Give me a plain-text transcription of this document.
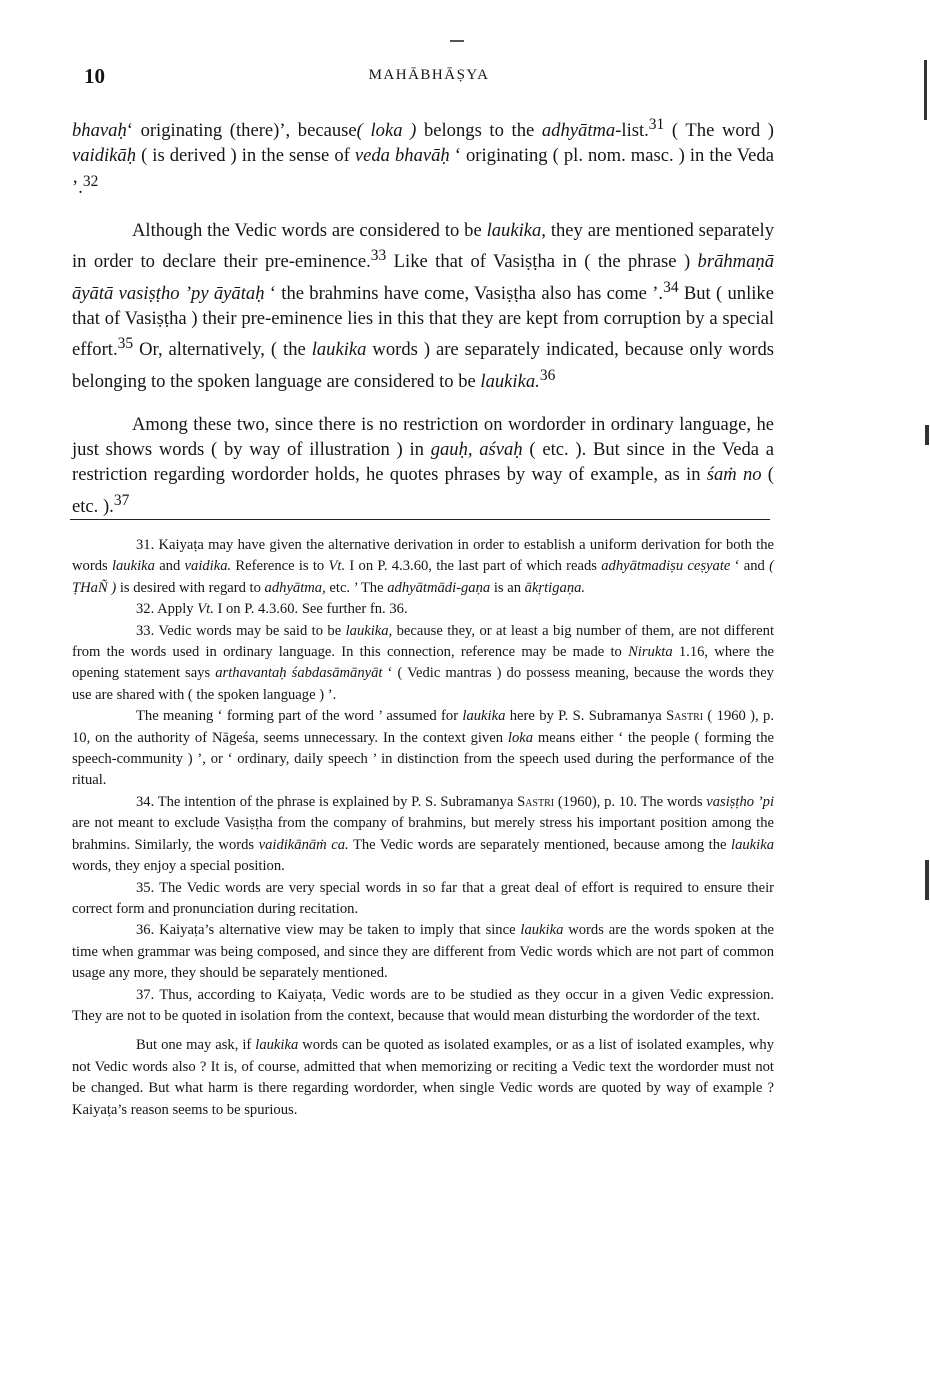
10	MAHĀBHĀṢYA

bhavaḥ‘ originating (there)’, because( loka ) belongs to the adhyātma-list.$^{31}$ ( The word ) vaidikāḥ ( is derived ) in the sense of veda bhavāḥ ‘ originating ( pl. nom. masc. ) in the Veda ’.$^{32}$

Although the Vedic words are considered to be laukika, they are mentioned separately in order to declare their pre-eminence.$^{33}$ Like that of Vasiṣṭha in ( the phrase ) brāhmaṇā āyātā vasiṣṭho ’py āyātaḥ ‘ the brahmins have come, Vasiṣṭha also has come ’.$^{34}$ But ( unlike that of Vasiṣṭha ) their pre-eminence lies in this that they are kept from corruption by a special effort.$^{35}$ Or, alternatively, ( the laukika words ) are separately indicated, because only words belonging to the spoken language are considered to be laukika.$^{36}$

Among these two, since there is no restriction on wordorder in ordinary language, he just shows words ( by way of illustration ) in gauḥ, aśvaḥ ( etc. ). But since in the Veda a restriction regarding wordorder holds, he quotes phrases by way of example, as in śaṁ no ( etc. ).$^{37}$

31. Kaiyaṭa may have given the alternative derivation in order to establish a uniform derivation for both the words laukika and vaidika. Reference is to Vt. I on P. 4.3.60, the last part of which reads adhyātmadiṣu ceṣyate ‘ and ( ṬHaÑ ) is desired with regard to adhyātma, etc. ’ The adhyātmādi-gaṇa is an ākṛtigaṇa.

32. Apply Vt. I on P. 4.3.60. See further fn. 36.

33. Vedic words may be said to be laukika, because they, or at least a big number of them, are not different from the words used in ordinary language. In this connection, reference may be made to Nirukta 1.16, where the opening statement says arthavantaḥ śabdasāmānyāt ‘ ( Vedic mantras ) do possess meaning, because the words they use are shared with ( the spoken language ) ’.

The meaning ‘ forming part of the word ’ assumed for laukika here by P. S. Subramanya Sastri ( 1960 ), p. 10, on the authority of Nāgeśa, seems unnecessary. In the context given loka means either ‘ the people ( forming the speech-community ) ’, or ‘ ordinary, daily speech ’ in distinction from the speech used during the performance of the ritual.

34. The intention of the phrase is explained by P. S. Subramanya Sastri (1960), p. 10. The words vasiṣṭho ’pi are not meant to exclude Vasiṣṭha from the company of brahmins, but merely stress his important position among the brahmins. Similarly, the words vaidikānāṁ ca. The Vedic words are separately mentioned, because among the laukika words, they enjoy a special position.

35. The Vedic words are very special words in so far that a great deal of effort is required to ensure their correct form and pronunciation during recitation.

36. Kaiyaṭa’s alternative view may be taken to imply that since laukika words are the words spoken at the time when grammar was being composed, and since they are different from Vedic words which are not part of common usage any more, they should be separately mentioned.

37. Thus, according to Kaiyaṭa, Vedic words are to be studied as they occur in a given Vedic expression. They are not to be quoted in isolation from the context, because that would mean disturbing the wordorder of the text.

But one may ask, if laukika words can be quoted as isolated examples, or as a list of isolated examples, why not Vedic words also ? It is, of course, admitted that when memorizing or reciting a Vedic text the wordorder must not be changed. But what harm is there regarding wordorder, when single Vedic words are quoted by way of example ? Kaiyaṭa’s reason seems to be spurious.
